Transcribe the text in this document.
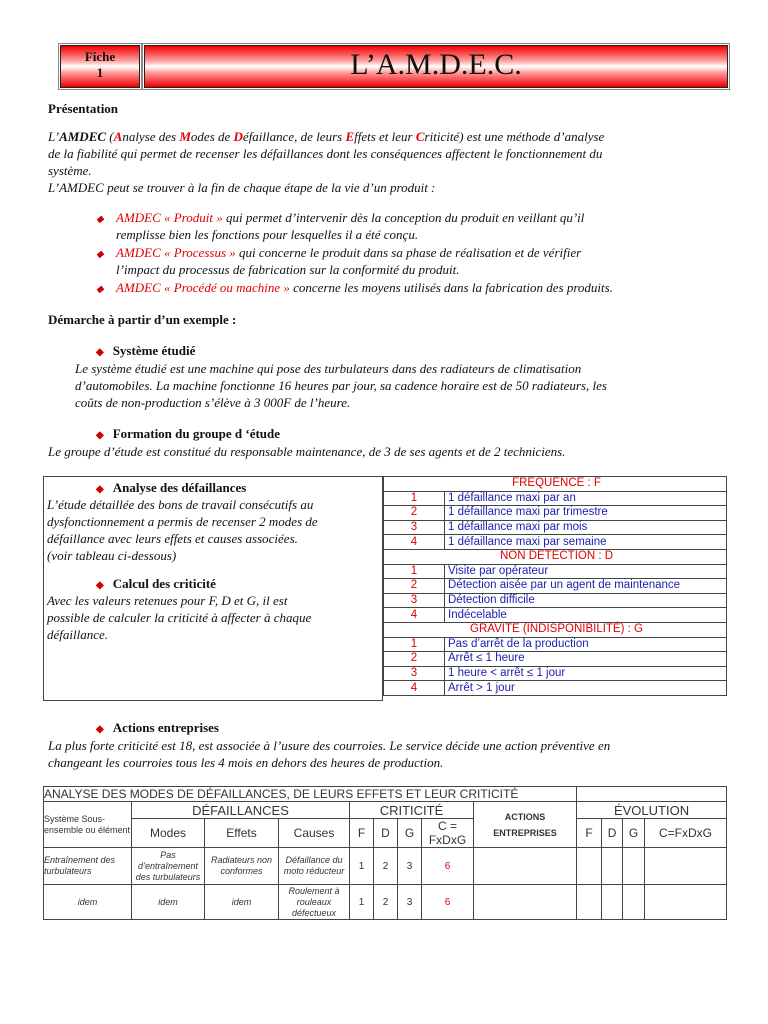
Fiche
1	L’A.M.D.E.C.
Présentation
L’AMDEC (Analyse des Modes de Défaillance, de leurs Effets et leur Criticité) est une méthode d’analyse
de la fiabilité qui permet de recenser les défaillances dont les conséquences affectent le fonctionnement du
système.
L’AMDEC peut se trouver à la fin de chaque étape de la vie d’un produit :
◆ AMDEC « Produit » qui permet d’intervenir dès la conception du produit en veillant qu’il
remplisse bien les fonctions pour lesquelles il a été conçu.
◆ AMDEC « Processus » qui concerne le produit dans sa phase de réalisation et de vérifier
l’impact du processus de fabrication sur la conformité du produit.
◆ AMDEC « Procédé ou machine » concerne les moyens utilisés dans la fabrication des produits.
Démarche à partir d’un exemple :
◆ Système étudié
Le système étudié est une machine qui pose des turbulateurs dans des radiateurs de climatisation
d’automobiles. La machine fonctionne 16 heures par jour, sa cadence horaire est de 50 radiateurs, les
coûts de non-production s’élève à 3 000F de l’heure.
◆ Formation du groupe d ‘étude
Le groupe d’étude est constitué du responsable maintenance, de 3 de ses agents et de 2 techniciens.
◆ Analyse des défaillances
L’étude détaillée des bons de travail consécutifs au
dysfonctionnement a permis de recenser 2 modes de
défaillance avec leurs effets et causes associées.
(voir tableau ci-dessous)
◆ Calcul des criticité
Avec les valeurs retenues pour F, D et G, il est
possible de calculer la criticité à affecter à chaque
défaillance.
FREQUENCE : F	
1	1 défaillance maxi par an
2	1 défaillance maxi par trimestre
3	1 défaillance maxi par mois
4	1 défaillance maxi par semaine
NON DETECTION : D	
1	Visite par opérateur
2	Détection aisée par un agent de maintenance
3	Détection difficile
4	Indécelable
GRAVITE (INDISPONIBILITÉ) : G	
1	Pas d’arrêt de la production
2	Arrêt ≤ 1 heure
3	1 heure < arrêt ≤ 1 jour
4	Arrêt > 1 jour
◆ Actions entreprises
La plus forte criticité est 18, est associée à l’usure des courroies. Le service décide une action préventive en
changeant les courroies tous les 4 mois en dehors des heures de production.
ANALYSE DES MODES DE DÉFAILLANCES, DE LEURS EFFETS ET LEUR CRITICITÉ												
Système Sous-ensemble ou élément	DÉFAILLANCES			CRITICITÉ				ACTIONS
ENTREPRISES	ÉVOLUTION			
	Modes	Effets	Causes	F	D	G	C = FxDxG		F	D	G	C=FxDxG
Entraînement des turbulateurs	Pas d’entraînement des turbulateurs	Radiateurs non conformes	Défaillance du moto réducteur	1	2	3	6					
idem	idem	idem	Roulement à rouleaux défectueux	1	2	3	6					
